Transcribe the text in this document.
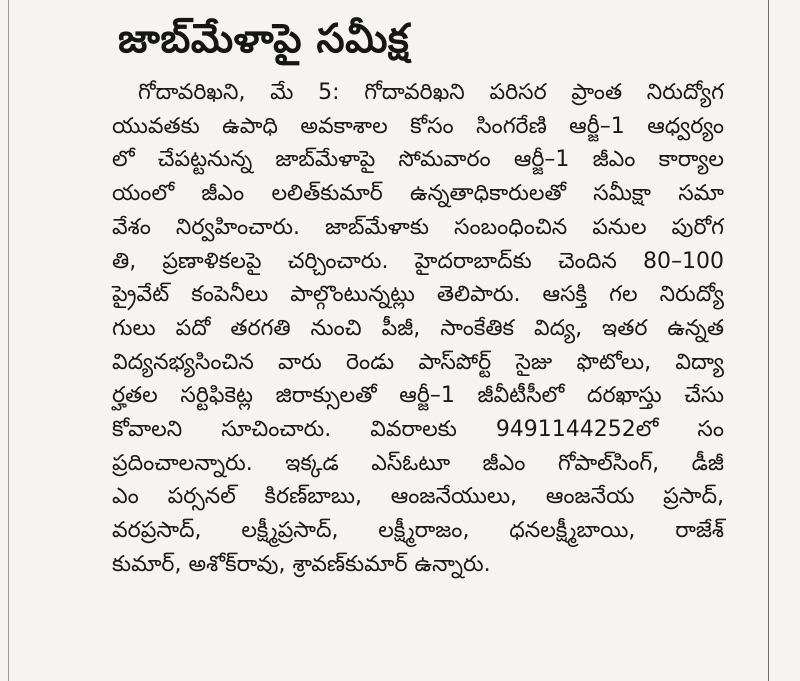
జాబ్‌మేళాపై సమీక్ష
గోదావరిఖని, మే 5: గోదావరిఖని పరిసర ప్రాంత నిరుద్యోగ
యువతకు ఉపాధి అవకాశాల కోసం సింగరేణి ఆర్జీ–1 ఆధ్వర్యం
లో చేపట్టనున్న జాబ్‌మేళాపై సోమవారం ఆర్జీ–1 జీఎం కార్యాల
యంలో జీఎం లలిత్‌కుమార్ ఉన్నతాధికారులతో సమీక్షా సమా
వేశం నిర్వహించారు. జాబ్‌మేళాకు సంబంధించిన పనుల పురోగ
తి, ప్రణాళికలపై చర్చించారు. హైదరాబాద్‌కు చెందిన 80–100
ప్రైవేట్ కంపెనీలు పాల్గొంటున్నట్లు తెలిపారు. ఆసక్తి గల నిరుద్యో
గులు పదో తరగతి నుంచి పీజీ, సాంకేతిక విద్య, ఇతర ఉన్నత
విద్యనభ్యసించిన వారు రెండు పాస్‌పోర్ట్ సైజు ఫొటోలు, విద్యా
ర్హతల సర్టిఫికెట్ల జిరాక్సులతో ఆర్జీ–1 జీవీటీసీలో దరఖాస్తు చేసు
కోవాలని సూచించారు. వివరాలకు 9491144252లో సం
ప్రదించాలన్నారు. ఇక్కడ ఎస్‌ఓటూ జీఎం గోపాల్‌సింగ్, డీజీ
ఎం పర్సనల్ కిరణ్‌బాబు, ఆంజనేయులు, ఆంజనేయ ప్రసాద్,
వరప్రసాద్, లక్ష్మీప్రసాద్, లక్ష్మీరాజం, ధనలక్ష్మీబాయి, రాజేశ్
కుమార్, అశోక్‌రావు, శ్రావణ్‌కుమార్ ఉన్నారు.
